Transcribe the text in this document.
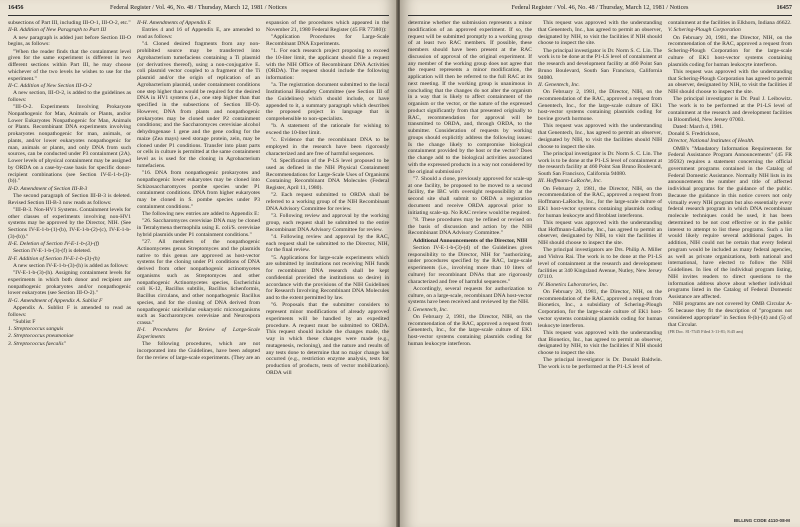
16456	Federal Register / Vol. 46, No. 48 / Thursday, March 12, 1981 / Notices

subsections of Part III, including III-O-1, III-O-2, etc."

II-B. Addition of New Paragraph to Part III

A new paragraph is added just before Section III-O begins, as follows:

"When the reader finds that the containment level given for the same experiment is different in two different sections within Part III, he may choose whichever of the two levels he wishes to use for the experiment."

II-C. Addition of New Section III-O-2

A new section, III-O-2, is added to the guidelines as follows:

"III-O-2. Experiments Involving Prokaryote Nonpathogenic for Man, Animals or Plants, and/or Lower Eukaryotes Nonpathogenic for Man, Animals or Plants. Recombinant DNA experiments involving prokaryotes nonpathogenic for man, animals, or plants, and/or lower eukaryotes nonpathogenic for man, animals or plants, and only DNA from such sources, can be conducted under P3 containment (2A). Lower levels of physical containment may be assigned by ORDA on a case-by-case basis for specific donor-recipient combinations (see Section IV-E-1-b-(3)-(b))."

II-D. Amendment of Section III-B-3

The second paragraph of Section III-B-3 is deleted. Revised Section III-B-3 now reads as follows:

"III-B-3. Non-HV1 Systems. Containment levels for other classes of experiments involving non-HV1 systems may be approved by the Director, NIH. (See Sections IV-E-1-b-(1)-(b), IV-E-1-b-(2)-(c), IV-E-1-b-(3)-(b))."

II-E. Deletion of Section IV-E-1-b-(3)-(f)

Section IV-E-1-b-(3)-(f) is deleted.

II-F. Addition of Section IV-E-1-b-(3)-(h)

A new section IV-E-1-b-(3)-(h) is added as follows:

"IV-E-1-b-(3)-(h). Assigning containment levels for experiments in which both donor and recipient are nonpathogenic prokaryotes and/or nonpathogenic lower eukaryotes (see Section III-O-2)."

II-G. Amendment of Appendix A. Sublist F

Appendix A. Sublist F is amended to read as follows:

"Sublist F

1. Streptococcus sanguis

2. Streptococcus pneumoniae

3. Streptococcus faecalis"

II-H. Amendments of Appendix E

Entries 4 and 16 of Appendix E, are amended to read as follows:

"4. Cloned desired fragments from any non-prohibited source may be transferred into Agrobacterium tumefaciens containing a Ti plasmid (or derivatives thereof), using a non-conjugative E. coli plasmid vector coupled to a fragment of the Ti plasmid and/or the origin of replication of an Agrobacterium plasmid, under containment conditions one step higher than would be required for the desired DNA in HV1 systems (i.e., one step higher than that specified in the subsections of Section III-O). However, DNA from plants and nonpathogenic prokaryotes may be cloned under P2 containment conditions; and the Saccharomyces cerevisiae alcohol dehydrogenase 1 gene and the gene coding for the maize (Zea mays) seed storage protein, zein, may be cloned under P1 conditions. Transfer into plant parts or cells in culture is permitted at the same containment level as is used for the cloning in Agrobacterium tumefaciens.

"16. DNA from nonpathogenic prokaryotes and nonpathogenic lower eukaryotes may be cloned into Schizosaccharomyces pombe species under P1 containment conditions. DNA from higher eukaryotes may be cloned in S. pombe species under P3 containment conditions."

The following new entries are added to Appendix E:

"26. Saccharomyces cerevisiae DNA may be cloned in Tetrahymena thermophila using E. coli/S. cerevisiae hybrid plasmids under P1 containment conditions."

"27. All members of the nonpathogenic Actinomycetes genus Streptomyces and the plasmids native to this genus are approved as host-vector systems for the cloning under P1 conditions of DNA derived from other nonpathogenic actinomycetes organisms such as Streptomyces and other nonpathogenic Actinomycetes species, Escherichia coli K-12, Bacillus subtilis, Bacillus lichenformis, Bacillus circulans, and other nonpathogenic Bacillus species, and for the cloning of DNA derived from nonpathogenic unicellular eukaryotic microorganisms such as Saccharomyces cerevisiae and Neurospora crassa."

II-I. Procedures for Review of Large-Scale Experiments

The following procedures, which are not incorporated into the Guidelines, have been adopted for the review of large-scale experiments. (They are an

expansion of the procedures which appeared in the November 21, 1980 Federal Register (45 FR 77380)):

"Application Procedures for Large-Scale Recombinant DNA Experiments.

"1. For each research project proposing to exceed the 10-liter limit, the applicant should file a request with the NIH Office of Recombinant DNA Activities (ORDA). The request should include the following information:

"a. The registration document submitted to the local Institutional Biosafety Committee (see Section III of the Guidelines) which should include, or have appended to it, a summary paragraph which describes the proposed project in language that is comprehensible to non-specialists.

"b. A statement of the rationale for wishing to exceed the 10-liter limit.

"c. Evidence that the recombinant DNA to be employed in the research have been rigorously characterized and are free of harmful sequences.

"d. Specification of the P-LS level proposed to be used as defined in the NIH Physical Containment Recommendations for Large-Scale Uses of Organisms Containing Recombinant DNA Molecules (Federal Register, April 11, 1980).

"2. Each request submitted to ORDA shall be referred to a working group of the NIH Recombinant DNA Advisory Committee for review.

"3. Following review and approval by the working group, each request shall be submitted to the entire Recombinant DNA Advisory Committee for review.

"4. Following review and approval by the RAC, each request shall be submitted to the Director, NIH, for the final review.

"5. Applications for large-scale experiments which are submitted by institutions not receiving NIH funds for recombinant DNA research shall be kept confidential provided the institutions so desire) in accordance with the provisions of the NIH Guidelines for Research Involving Recombinant DNA Molecules and to the extent permitted by law.

"6. Proposals that the submitter considers to represent minor modifications of already approved experiments will be handled by an expedited procedure. A request must be submitted to ORDA. This request should include the changes made, the way in which these changes were made (e.g., mutagenesis, recloning), and the nature and results of any tests done to determine that no major change has occurred (e.g., restriction enzyme analysis, tests for production of products, tests of vector mobilization). ORDA will

Federal Register / Vol. 46, No. 48 / Thursday, March 12, 1981 / Notices	16457

determine whether the submission represents a minor modification of an approved experiment. If so, the request will be submitted promptly to a working group of at least two RAC members. If possible, these members should have been present at the RAC discussion of approval of the original experiment. If any member of the working group does not agree that the request represents a minor modification, the application will then be referred to the full RAC at its next meeting. If the working group is unanimous in concluding that the changes do not alter the organism in a way that is likely to affect containment of the organism or the vector, or the nature of the expressed product significantly from that presented originally to RAC, recommendation for approval will be transmitted to ORDA, and, through ORDA, to the submitter. Consideration of requests by working groups should explicitly address the following issues: Is the change likely to compromise biological containment provided by the host or the vector? Does the change add to the biological activities associated with the expressed products in a way not considered by the original submission?

"7. Should a clone, previously approved for scale-up at one facility, be proposed to be moved to a second facility, the IBC with oversight responsibility at the second site shall submit to ORDA a registration document and receive ORDA approval prior to initiating scale-up. No RAC review would be required.

"8. These procedures may be refined or revised on the basis of discussion and action by the NIH Recombinant DNA Advisory Committee."

Additional Announcements of the Director, NIH

Section IV-E-1-b-(3)-(d) of the Guidelines gives responsibility to the Director, NIH for "authorizing, under procedures specified by the RAC, large-scale experiments (i.e., involving more than 10 liters of culture) for recombinant DNAs that are rigorously characterized and free of harmful sequences."

Accordingly, several requests for authorization to culture, on a large-scale, recombinant DNA host-vector systems have been received and reviewed by the NIH.

I. Genentech, Inc.

On February 2, 1981, the Director, NIH, on the recommendation of the RAC, approved a request from Genentech, Inc., for the large-scale culture of EK1 host-vector systems containing plasmids coding for human leukocyte interferon.

This request was approved with the understanding that Genentech, Inc., has agreed to permit an observer, designated by NIH, to visit the facilities if NIH should choose to inspect the site.

The principal investigator is Dr. Norm S. C. Lin. The work is to be done at the P1-LS level of containment at the research and development facility at 460 Point San Bruno Boulevard, South San Francisco, California 94080.

II. Genentech, Inc.

On February 2, 1981, the Director, NIH, on the recommendation of the RAC, approved a request from Genentech, Inc., for the large-scale culture of EK1 host-vector systems containing plasmids coding for bovine growth hormone.

This request was approved with the understanding that Genentech, Inc., has agreed to permit an observer, designated by NIH, to visit the facilities should NIH choose to inspect the site.

The principal investigator is Dr. Norm S. C. Lin. The work is to be done at the P1-LS level of containment at the research facility at 460 Point San Bruno Boulevard, South San Francisco, California 94080.

III. Hoffmann-LaRoche, Inc.

On February 2, 1981, the Director, NIH, on the recommendation of the RAC, approved a request from Hoffmann-LaRoche, Inc., for the large-scale culture of EK1 host-vector systems containing plasmids coding for human leukocyte and fibroblast interferons.

This request was approved with the understanding that Hoffmann-LaRoche, Inc., has agreed to permit an observer, designated by NIH, to visit the facilities if NIH should choose to inspect the site.

The principal investigators are Drs. Philip A. Miller and Vishva Rai. The work is to be done at the P1-LS level of containment at the research and development facilities at 340 Kingsland Avenue, Nutley, New Jersey 07110.

IV. Bionetics Laboratories, Inc.

On February 20, 1981, the Director, NIH, on the recommendation of the RAC, approved a request from Bionetics, Inc., a subsidiary of Schering-Plough Corporation, for the large-scale culture of EK1 host-vector systems containing plasmids coding for human leukocyte interferon.

This request was approved with the understanding that Bionetics, Inc., has agreed to permit an observer, designated by NIH, to visit the facilities if NIH should choose to inspect the site.

The principal investigator is Dr. Donald Baldwin. The work is to be performed at the P1-LS level of

containment at the facilities in Elkhorn, Indiana 46622.

V. Schering-Plough Corporation

On February 20, 1981, the Director, NIH, on the recommendation of the RAC, approved a request from Schering-Plough Corporation for the large-scale culture of EK1 host-vector systems containing plasmids coding for human leukocyte interferon.

This request was approved with the understanding that Schering-Plough Corporation has agreed to permit an observer, designated by NIH, to visit the facilities if NIH should choose to inspect the site.

The principal investigator is Dr. Paul J. Leibowitz. The work is to be performed at the P1-LS level of containment at the research and development facilities in Bloomfield, New Jersey 07003.

Dated: March 4, 1981.

Donald S. Fredrickson,

Director, National Institutes of Health.

OMB's "Mandatory Information Requirements for Federal Assistance Program Announcements" (45 FR 39592) requires a statement concerning the official government programs contained in the Catalog of Federal Domestic Assistance. Normally NIH lists in its announcements the number and title of affected individual programs for the guidance of the public. Because the guidance in this notice covers not only virtually every NIH program but also essentially every federal research program in which DNA recombinant molecule techniques could be used, it has been determined to be not cost effective or in the public interest to attempt to list these programs. Such a list would likely require several additional pages. In addition, NIH could not be certain that every federal program would be included as many federal agencies, as well as private organizations, both national and international, have elected to follow the NIH Guidelines. In lieu of the individual program listing, NIH invites readers to direct questions to the information address above about whether individual programs listed in the Catalog of Federal Domestic Assistance are affected.

NIH programs are not covered by OMB Circular A-95 because they fit the description of "programs not considered appropriate" in Section 8-(b)-(4) and (5) of that Circular.

(FR Doc. 81-7545 Filed 3-11-81; 8:45 am)

BILLING CODE 4110-08-M
